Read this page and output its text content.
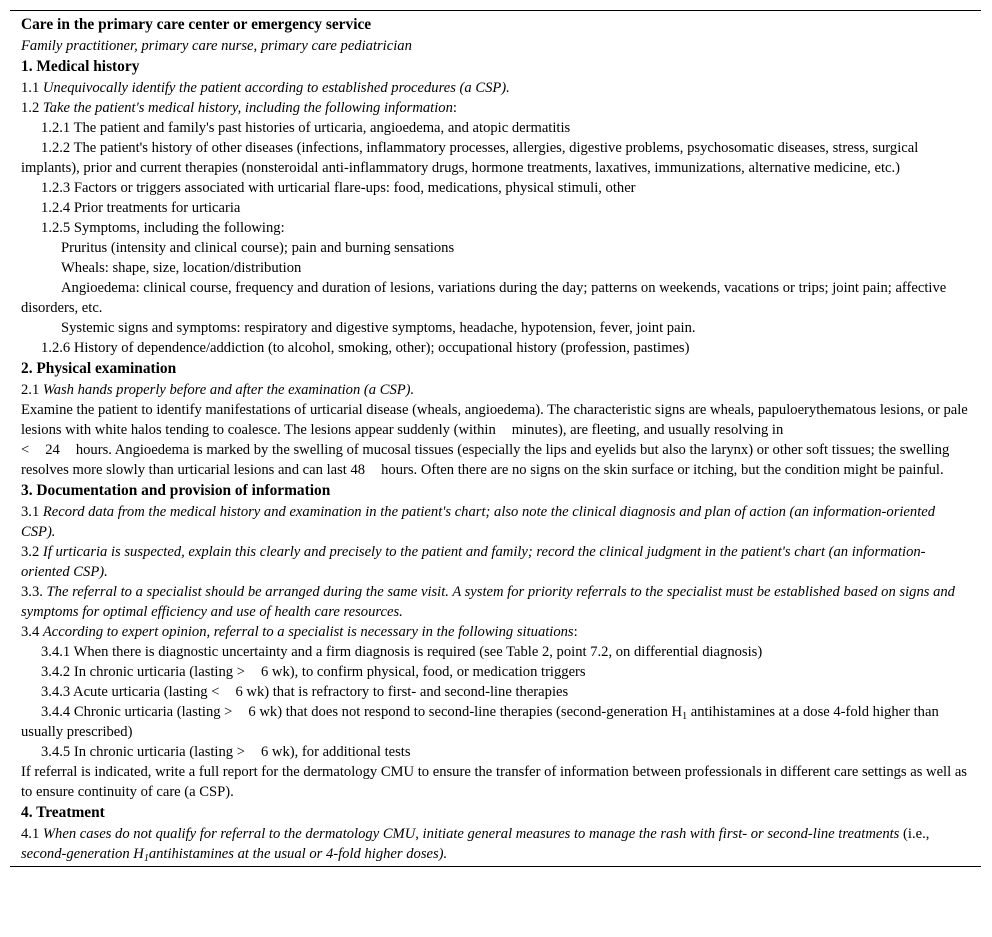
Care in the primary care center or emergency service

Family practitioner, primary care nurse, primary care pediatrician

1. Medical history

1.1 Unequivocally identify the patient according to established procedures (a CSP).

1.2 Take the patient's medical history, including the following information:

1.2.1 The patient and family's past histories of urticaria, angioedema, and atopic dermatitis

1.2.2 The patient's history of other diseases (infections, inflammatory processes, allergies, digestive problems, psychosomatic diseases, stress, surgical implants), prior and current therapies (nonsteroidal anti-inflammatory drugs, hormone treatments, laxatives, immunizations, alternative medicine, etc.)

1.2.3 Factors or triggers associated with urticarial flare-ups: food, medications, physical stimuli, other

1.2.4 Prior treatments for urticaria

1.2.5 Symptoms, including the following:

Pruritus (intensity and clinical course); pain and burning sensations

Wheals: shape, size, location/distribution

Angioedema: clinical course, frequency and duration of lesions, variations during the day; patterns on weekends, vacations or trips; joint pain; affective disorders, etc.

Systemic signs and symptoms: respiratory and digestive symptoms, headache, hypotension, fever, joint pain.

1.2.6 History of dependence/addiction (to alcohol, smoking, other); occupational history (profession, pastimes)

2. Physical examination

2.1 Wash hands properly before and after the examination (a CSP).

Examine the patient to identify manifestations of urticarial disease (wheals, angioedema). The characteristic signs are wheals, papuloerythematous lesions, or pale lesions with white halos tending to coalesce. The lesions appear suddenly (within minutes), are fleeting, and usually resolving in
< 24 hours. Angioedema is marked by the swelling of mucosal tissues (especially the lips and eyelids but also the larynx) or other soft tissues; the swelling resolves more slowly than urticarial lesions and can last 48 hours. Often there are no signs on the skin surface or itching, but the condition might be painful.

3. Documentation and provision of information

3.1 Record data from the medical history and examination in the patient's chart; also note the clinical diagnosis and plan of action (an information-oriented CSP).

3.2 If urticaria is suspected, explain this clearly and precisely to the patient and family; record the clinical judgment in the patient's chart (an information-oriented CSP).

3.3. The referral to a specialist should be arranged during the same visit. A system for priority referrals to the specialist must be established based on signs and symptoms for optimal efficiency and use of health care resources.

3.4 According to expert opinion, referral to a specialist is necessary in the following situations:

3.4.1 When there is diagnostic uncertainty and a firm diagnosis is required (see Table 2, point 7.2, on differential diagnosis)

3.4.2 In chronic urticaria (lasting > 6 wk), to confirm physical, food, or medication triggers

3.4.3 Acute urticaria (lasting < 6 wk) that is refractory to first- and second-line therapies

3.4.4 Chronic urticaria (lasting > 6 wk) that does not respond to second-line therapies (second-generation $H_1$ antihistamines at a dose 4-fold higher than usually prescribed)

3.4.5 In chronic urticaria (lasting > 6 wk), for additional tests

If referral is indicated, write a full report for the dermatology CMU to ensure the transfer of information between professionals in different care settings as well as to ensure continuity of care (a CSP).

4. Treatment

4.1 When cases do not qualify for referral to the dermatology CMU, initiate general measures to manage the rash with first- or second-line treatments (i.e., second-generation $H_1antihistamines$ at the usual or 4-fold higher doses).
